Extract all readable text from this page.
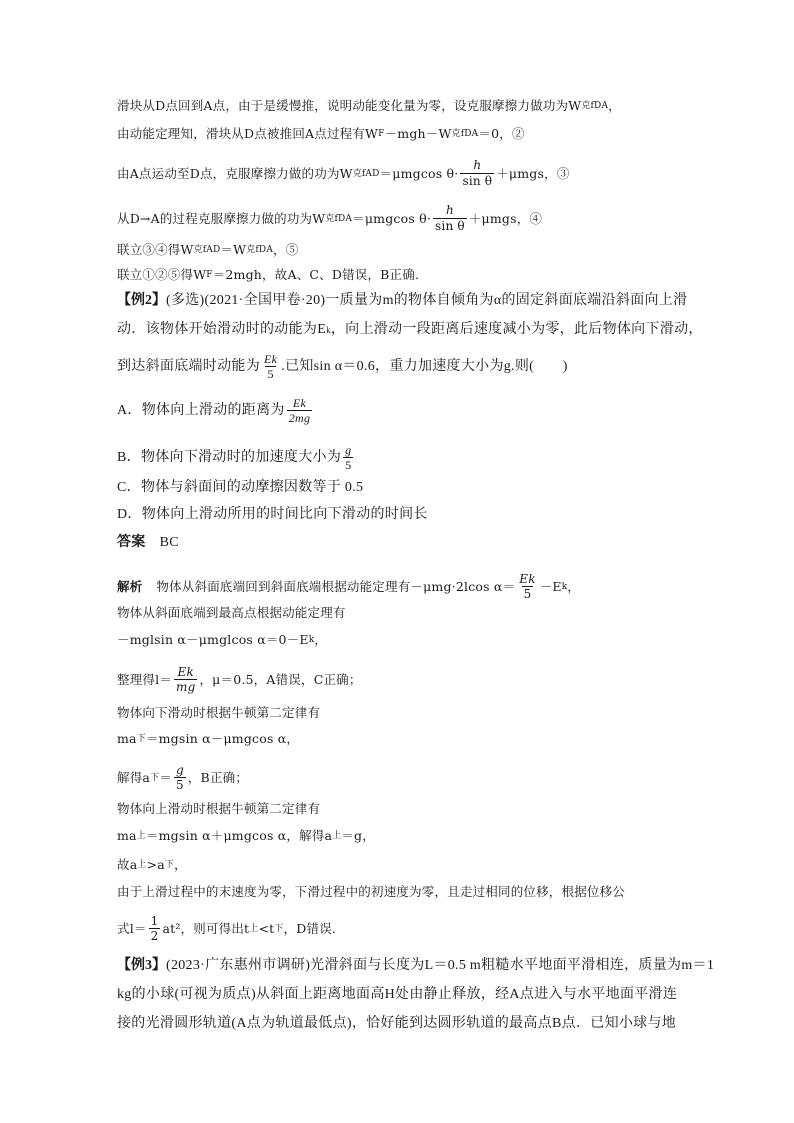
滑块从D点回到A点，由于是缓慢推，说明动能变化量为零，设克服摩擦力做功为W 克fDA ，
由动能定理知，滑块从D点被推回A点过程有W F －mgh－W 克fDA ＝0，②
由A点运动至D点，克服摩擦力做的功为W 克fAD ＝μmgcos $\theta\cdot \frac{h}{\text{sin θ}} +\mu mgs$，③
从D→A的过程克服摩擦力做的功为W 克fDA ＝μmgcos $\theta\cdot \frac{h}{\text{sin θ}} +\mu mgs$，④
联立③④得W 克fAD ＝W 克fDA ，⑤
联立①②⑤得W F ＝2mgh，故A、C、D错误，B正确.
【例2】 (多选)(2021·全国甲卷·20)一质量为m的物体自倾角为α的固定斜面底端沿斜面向上滑
动．该物体开始滑动时的动能为E k ，向上滑动一段距离后速度减小为零，此后物体向下滑动，
到达斜面底端时动能为 $\frac{Ek}{5}$ .已知sin α＝0.6，重力加速度大小为g.则(　　)
A．物体向上滑动的距离为 $\frac{Ek}{2mg}$
B．物体向下滑动时的加速度大小为 $\frac{g}{5}$
C．物体与斜面间的动摩擦因数等于 0.5
D．物体向上滑动所用的时间比向下滑动的时间长
答案 BC
解析 物体从斜面底端回到斜面底端根据动能定理有－μmg·2lcos $\alpha= \frac{Ek}{5} -E$ k ，
物体从斜面底端到最高点根据动能定理有
－mglsin α－μmglcos α＝0－E k ，
整理得$l= \frac{Ek}{mg}$ ，μ＝0.5，A错误，C正确；
物体向下滑动时根据牛顿第二定律有
ma 下 ＝mgsin α－μmgcos α，
解得a 下 ＝ $\frac{g}{5}$ ，B正确；
物体向上滑动时根据牛顿第二定律有
ma 上 ＝mgsin α＋μmgcos α，解得a 上 ＝g，
故a 上 >a 下 ，
由于上滑过程中的末速度为零，下滑过程中的初速度为零，且走过相同的位移，根据位移公
式$l= \frac{1}{2} at^2$，则可得出t 上 <t 下 ，D错误.
【例3】 (2023·广东惠州市调研)光滑斜面与长度为L＝0.5 m粗糙水平地面平滑相连，质量为m＝1
kg的小球(可视为质点)从斜面上距离地面高H处由静止释放，经A点进入与水平地面平滑连
接的光滑圆形轨道(A点为轨道最低点)，恰好能到达圆形轨道的最高点B点．已知小球与地
